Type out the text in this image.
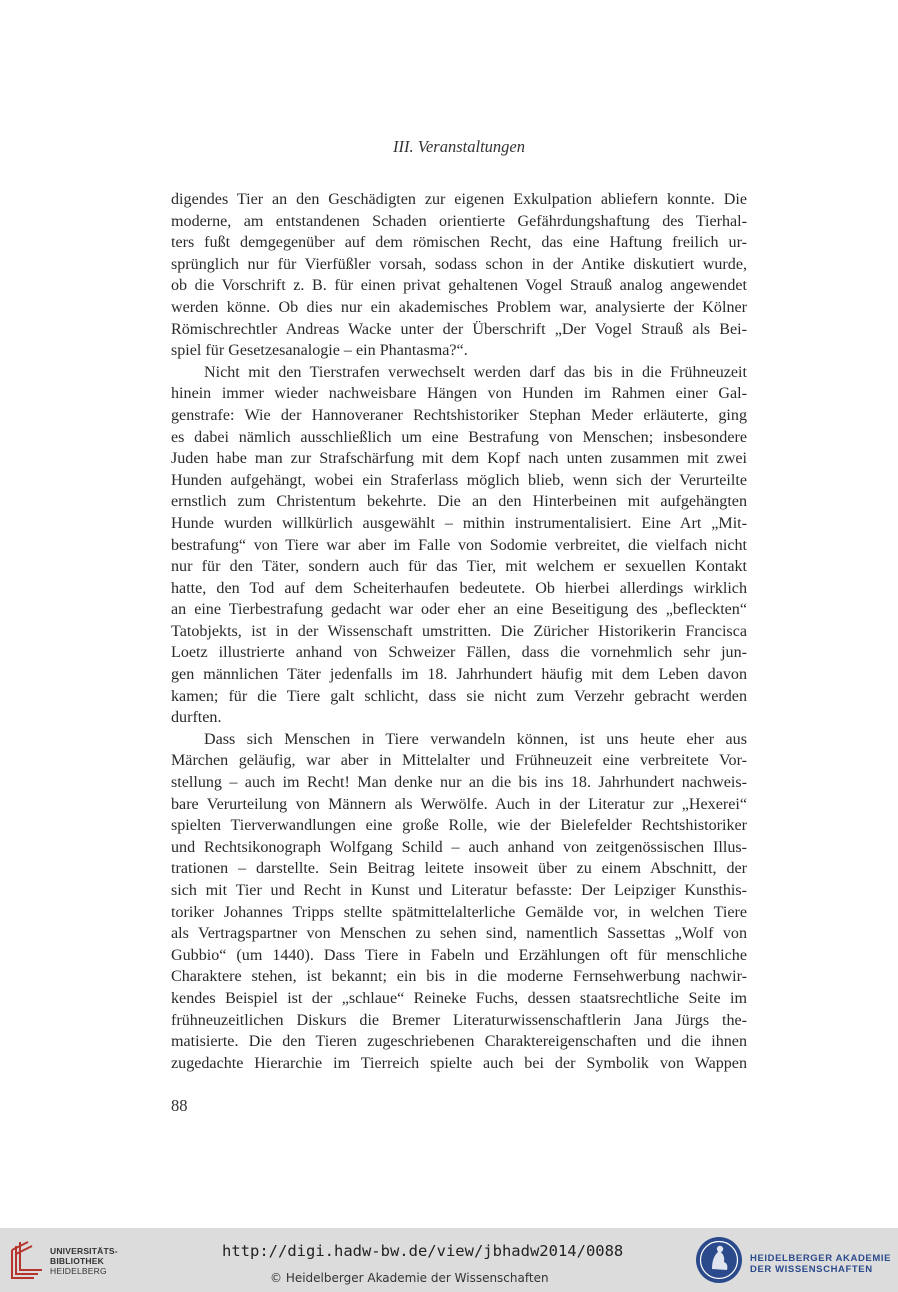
III. Veranstaltungen

digendes Tier an den Geschädigten zur eigenen Exkulpation abliefern konnte. Die
moderne, am entstandenen Schaden orientierte Gefährdungshaftung des Tierhal-
ters fußt demgegenüber auf dem römischen Recht, das eine Haftung freilich ur-
sprünglich nur für Vierfüßler vorsah, sodass schon in der Antike diskutiert wurde,
ob die Vorschrift z. B. für einen privat gehaltenen Vogel Strauß analog angewendet
werden könne. Ob dies nur ein akademisches Problem war, analysierte der Kölner
Römischrechtler Andreas Wacke unter der Überschrift „Der Vogel Strauß als Bei-
spiel für Gesetzesanalogie – ein Phantasma?“.

Nicht mit den Tierstrafen verwechselt werden darf das bis in die Frühneuzeit
hinein immer wieder nachweisbare Hängen von Hunden im Rahmen einer Gal-
genstrafe: Wie der Hannoveraner Rechtshistoriker Stephan Meder erläuterte, ging
es dabei nämlich ausschließlich um eine Bestrafung von Menschen; insbesondere
Juden habe man zur Strafschärfung mit dem Kopf nach unten zusammen mit zwei
Hunden aufgehängt, wobei ein Straferlass möglich blieb, wenn sich der Verurteilte
ernstlich zum Christentum bekehrte. Die an den Hinterbeinen mit aufgehängten
Hunde wurden willkürlich ausgewählt – mithin instrumentalisiert. Eine Art „Mit-
bestrafung“ von Tiere war aber im Falle von Sodomie verbreitet, die vielfach nicht
nur für den Täter, sondern auch für das Tier, mit welchem er sexuellen Kontakt
hatte, den Tod auf dem Scheiterhaufen bedeutete. Ob hierbei allerdings wirklich
an eine Tierbestrafung gedacht war oder eher an eine Beseitigung des „befleckten“
Tatobjekts, ist in der Wissenschaft umstritten. Die Züricher Historikerin Francisca
Loetz illustrierte anhand von Schweizer Fällen, dass die vornehmlich sehr jun-
gen männlichen Täter jedenfalls im 18. Jahrhundert häufig mit dem Leben davon
kamen; für die Tiere galt schlicht, dass sie nicht zum Verzehr gebracht werden
durften.

Dass sich Menschen in Tiere verwandeln können, ist uns heute eher aus
Märchen geläufig, war aber in Mittelalter und Frühneuzeit eine verbreitete Vor-
stellung – auch im Recht! Man denke nur an die bis ins 18. Jahrhundert nachweis-
bare Verurteilung von Männern als Werwölfe. Auch in der Literatur zur „Hexerei“
spielten Tierverwandlungen eine große Rolle, wie der Bielefelder Rechtshistoriker
und Rechtsikonograph Wolfgang Schild – auch anhand von zeitgenössischen Illus-
trationen – darstellte. Sein Beitrag leitete insoweit über zu einem Abschnitt, der
sich mit Tier und Recht in Kunst und Literatur befasste: Der Leipziger Kunsthis-
toriker Johannes Tripps stellte spätmittelalterliche Gemälde vor, in welchen Tiere
als Vertragspartner von Menschen zu sehen sind, namentlich Sassettas „Wolf von
Gubbio“ (um 1440). Dass Tiere in Fabeln und Erzählungen oft für menschliche
Charaktere stehen, ist bekannt; ein bis in die moderne Fernsehwerbung nachwir-
kendes Beispiel ist der „schlaue“ Reineke Fuchs, dessen staatsrechtliche Seite im
frühneuzeitlichen Diskurs die Bremer Literaturwissenschaftlerin Jana Jürgs the-
matisierte. Die den Tieren zugeschriebenen Charaktereigenschaften und die ihnen
zugedachte Hierarchie im Tierreich spielte auch bei der Symbolik von Wappen

88
UNIVERSITÄTS-
BIBLIOTHEK
HEIDELBERG
http://digi.hadw-bw.de/view/jbhadw2014/0088
© Heidelberger Akademie der Wissenschaften
HEIDELBERGER AKADEMIE
DER WISSENSCHAFTEN
